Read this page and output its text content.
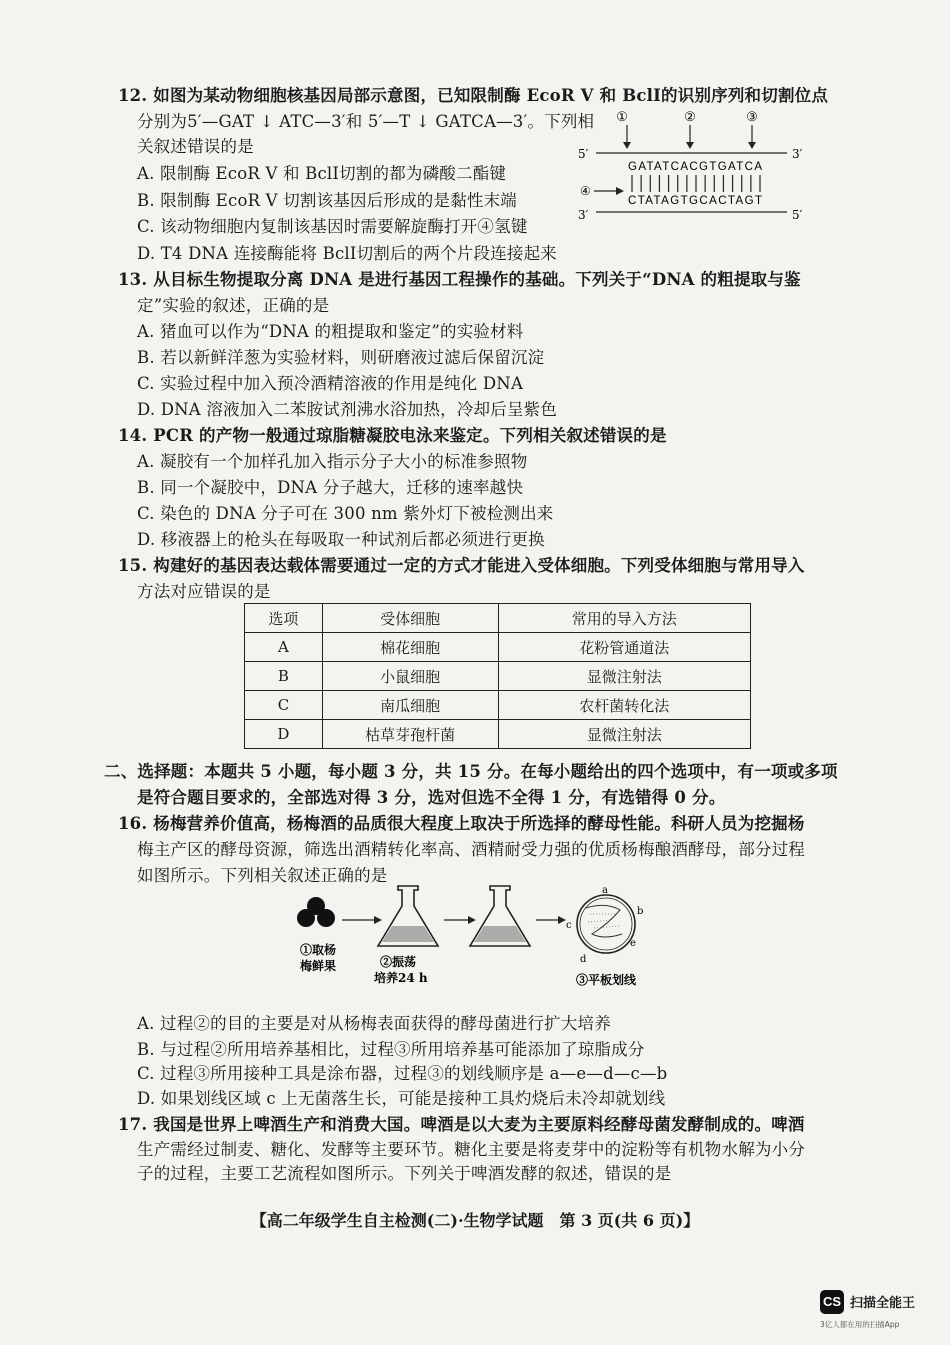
12. 如图为某动物细胞核基因局部示意图，已知限制酶 EcoR Ⅴ 和 BclⅠ的识别序列和切割位点
分别为5′—GAT ↓ ATC—3′和 5′—T ↓ GATCA—3′。下列相
关叙述错误的是
A. 限制酶 EcoR Ⅴ 和 BclⅠ切割的都为磷酸二酯键
B. 限制酶 EcoR Ⅴ 切割该基因后形成的是黏性末端
C. 该动物细胞内复制该基因时需要解旋酶打开④氢键
D. T4 DNA 连接酶能将 BclⅠ切割后的两个片段连接起来
①	②	③
5′	3′
GATATCACGTGATCA
④
CTATAGTGCACTAGT
3′	5′
13. 从目标生物提取分离 DNA 是进行基因工程操作的基础。下列关于“DNA 的粗提取与鉴
定”实验的叙述，正确的是
A. 猪血可以作为“DNA 的粗提取和鉴定”的实验材料
B. 若以新鲜洋葱为实验材料，则研磨液过滤后保留沉淀
C. 实验过程中加入预冷酒精溶液的作用是纯化 DNA
D. DNA 溶液加入二苯胺试剂沸水浴加热，冷却后呈紫色
14. PCR 的产物一般通过琼脂糖凝胶电泳来鉴定。下列相关叙述错误的是
A. 凝胶有一个加样孔加入指示分子大小的标准参照物
B. 同一个凝胶中，DNA 分子越大，迁移的速率越快
C. 染色的 DNA 分子可在 300 nm 紫外灯下被检测出来
D. 移液器上的枪头在每吸取一种试剂后都必须进行更换
15. 构建好的基因表达载体需要通过一定的方式才能进入受体细胞。下列受体细胞与常用导入
方法对应错误的是
选项	受体细胞	常用的导入方法
A	棉花细胞	花粉管通道法
B	小鼠细胞	显微注射法
C	南瓜细胞	农杆菌转化法
D	枯草芽孢杆菌	显微注射法
二、选择题：本题共 5 小题，每小题 3 分，共 15 分。在每小题给出的四个选项中，有一项或多项
是符合题目要求的，全部选对得 3 分，选对但选不全得 1 分，有选错得 0 分。
16. 杨梅营养价值高，杨梅酒的品质很大程度上取决于所选择的酵母性能。科研人员为挖掘杨
梅主产区的酵母资源，筛选出酒精转化率高、酒精耐受力强的优质杨梅酿酒酵母，部分过程
如图所示。下列相关叙述正确的是
①取杨
梅鲜果	②振荡
培养24 h
a
b
c
d
e
③平板划线
A. 过程②的目的主要是对从杨梅表面获得的酵母菌进行扩大培养
B. 与过程②所用培养基相比，过程③所用培养基可能添加了琼脂成分
C. 过程③所用接种工具是涂布器，过程③的划线顺序是 a—e—d—c—b
D. 如果划线区域 c 上无菌落生长，可能是接种工具灼烧后未冷却就划线
17. 我国是世界上啤酒生产和消费大国。啤酒是以大麦为主要原料经酵母菌发酵制成的。啤酒
生产需经过制麦、糖化、发酵等主要环节。糖化主要是将麦芽中的淀粉等有机物水解为小分
子的过程，主要工艺流程如图所示。下列关于啤酒发酵的叙述，错误的是
【高二年级学生自主检测(二)·生物学试题　第 3 页(共 6 页)】
CS 扫描全能王
3亿人都在用的扫描App
